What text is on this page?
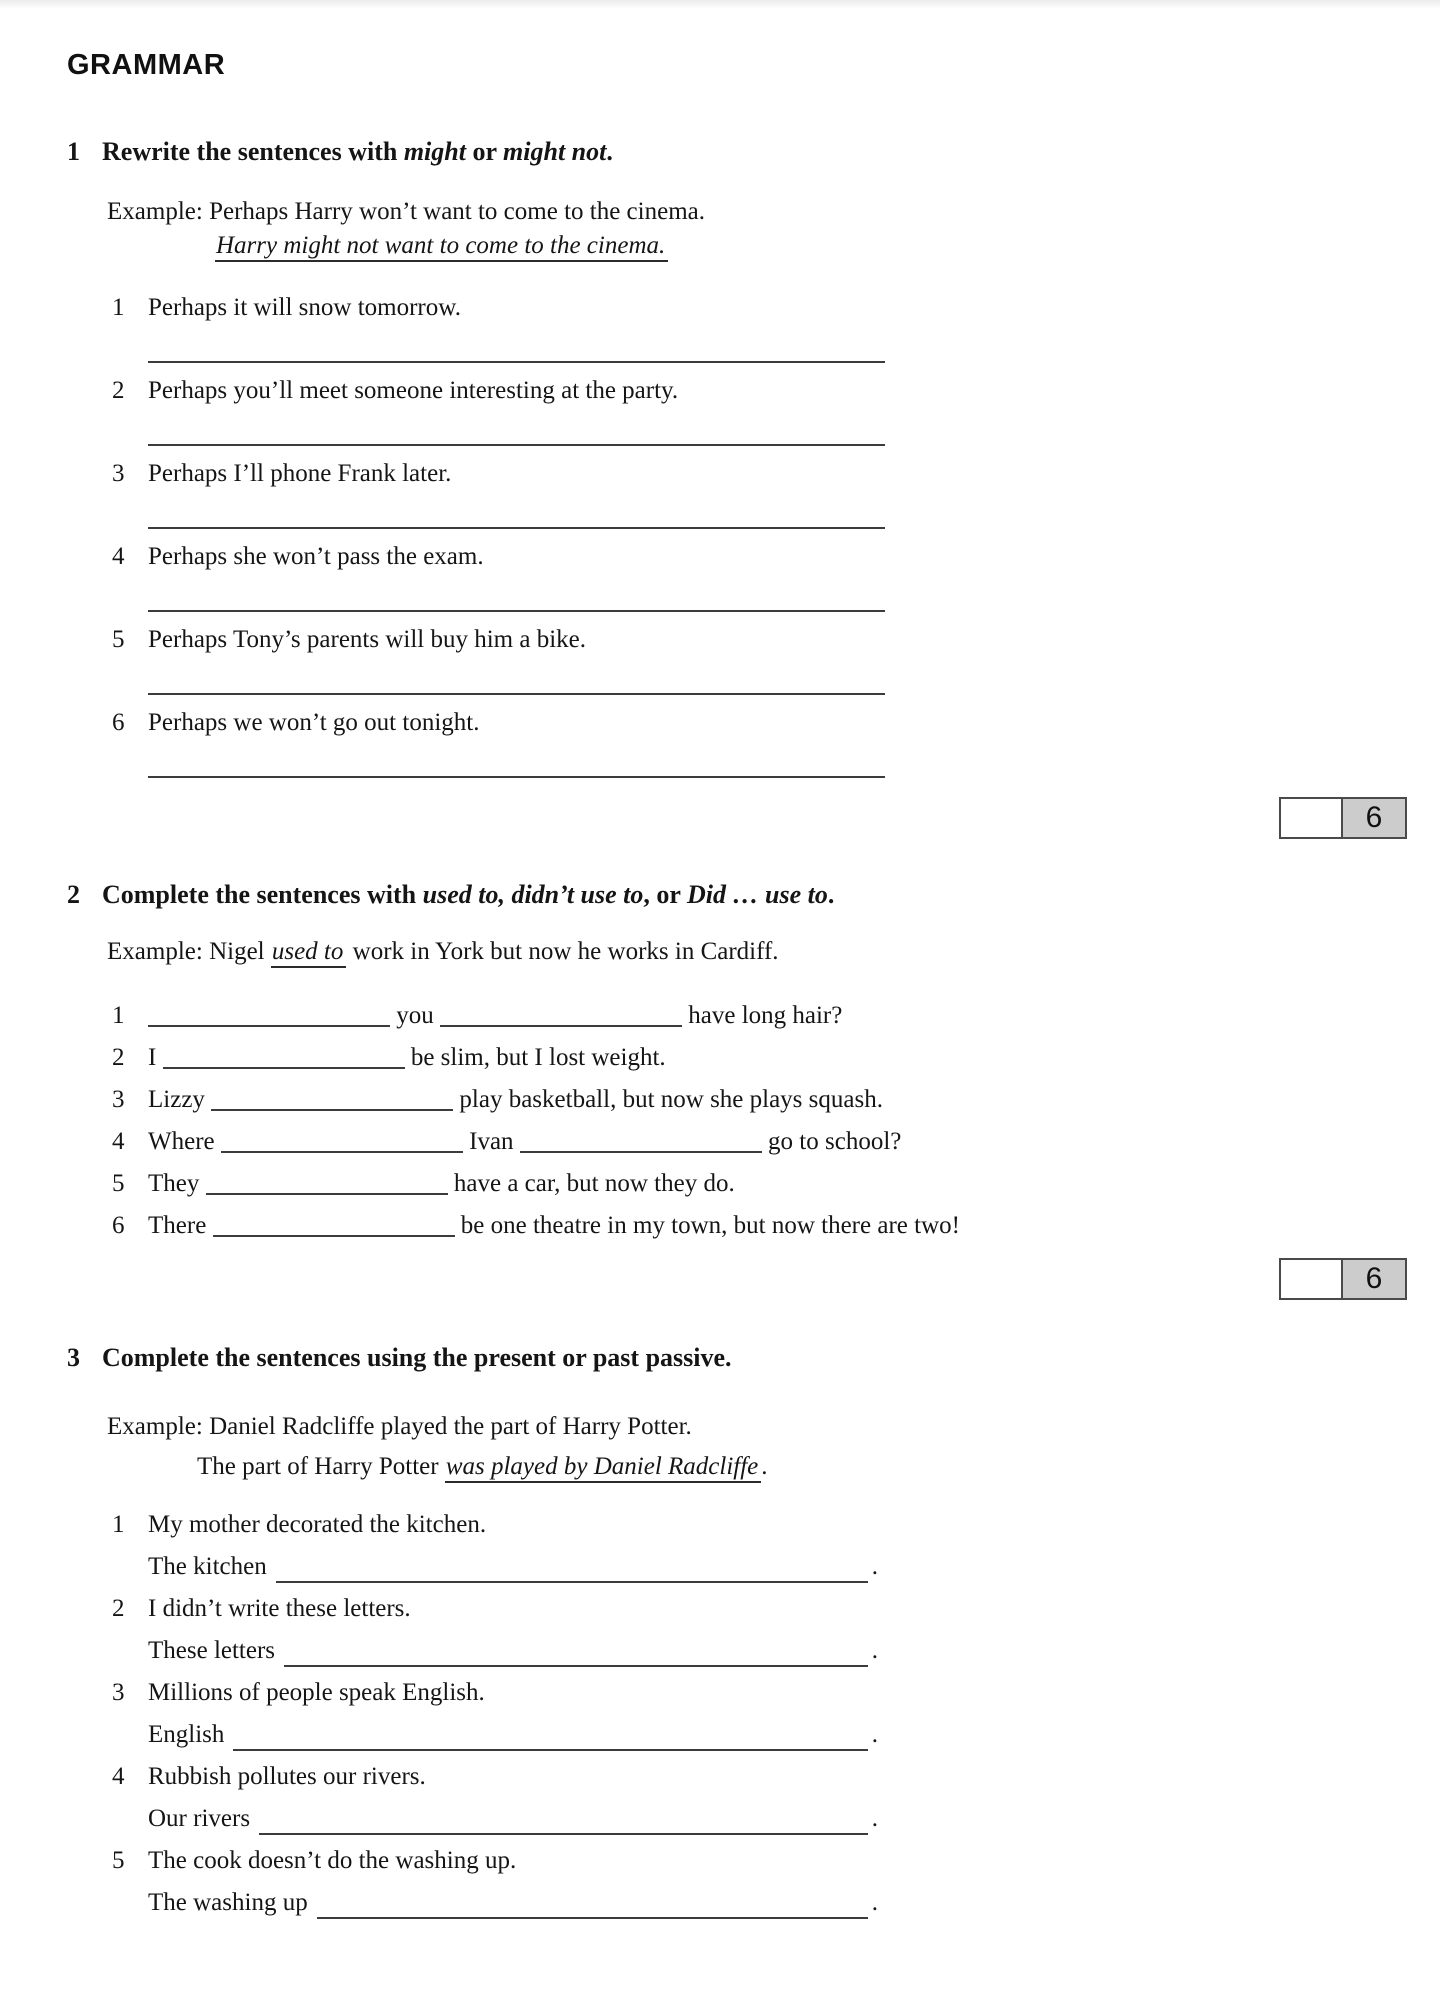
GRAMMAR
1 Rewrite the sentences with might or might not.
Example: Perhaps Harry won’t want to come to the cinema.
Harry might not want to come to the cinema.
1 Perhaps it will snow tomorrow.
2 Perhaps you’ll meet someone interesting at the party.
3 Perhaps I’ll phone Frank later.
4 Perhaps she won’t pass the exam.
5 Perhaps Tony’s parents will buy him a bike.
6 Perhaps we won’t go out tonight.
6
2 Complete the sentences with used to, didn’t use to, or Did … use to.
Example: Nigel used to work in York but now he works in Cardiff.
1	you	have long hair?
2 I	be slim, but I lost weight.
3 Lizzy	play basketball, but now she plays squash.
4 Where	Ivan	go to school?
5 They	have a car, but now they do.
6 There	be one theatre in my town, but now there are two!
6
3 Complete the sentences using the present or past passive.
Example: Daniel Radcliffe played the part of Harry Potter.
The part of Harry Potter was played by Daniel Radcliffe .
1 My mother decorated the kitchen.
The kitchen	.
2 I didn’t write these letters.
These letters	.
3 Millions of people speak English.
English	.
4 Rubbish pollutes our rivers.
Our rivers	.
5 The cook doesn’t do the washing up.
The washing up	.
